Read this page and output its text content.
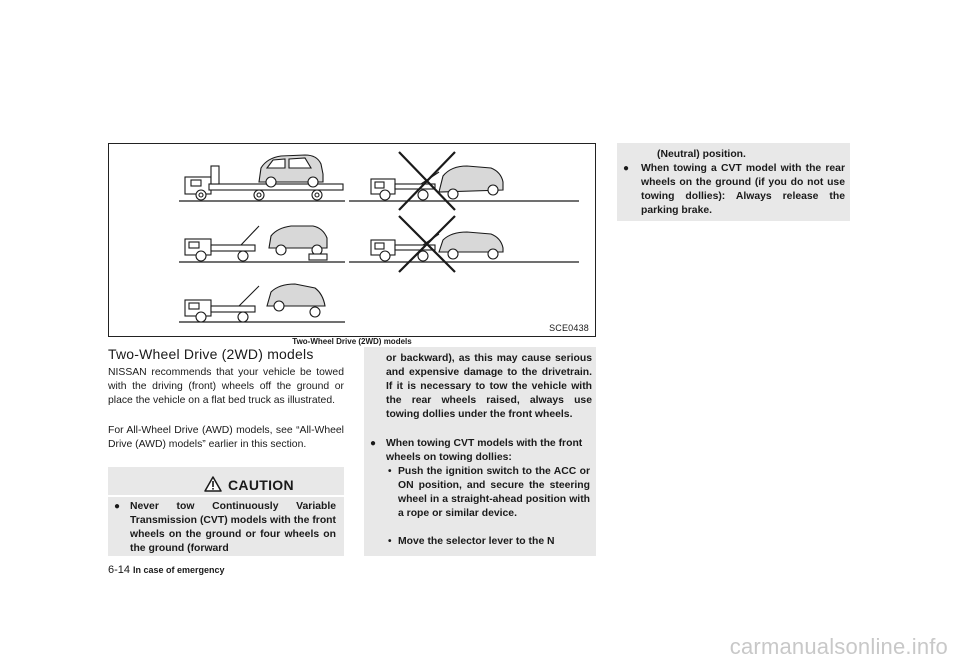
SCE0438
Two-Wheel Drive (2WD) models
Two-Wheel Drive (2WD) models
NISSAN recommends that your vehicle be towed with the driving (front) wheels off the ground or place the vehicle on a flat bed truck as illustrated.
For All-Wheel Drive (AWD) models, see “All-Wheel Drive (AWD) models” earlier in this section.
CAUTION
● Never tow Continuously Variable Transmission (CVT) models with the front wheels on the ground or four wheels on the ground (forward
or backward), as this may cause serious and expensive damage to the drivetrain. If it is necessary to tow the vehicle with the rear wheels raised, always use towing dollies under the front wheels.
● When towing CVT models with the front wheels on towing dollies:
• Push the ignition switch to the ACC or ON position, and secure the steering wheel in a straight-ahead position with a rope or similar device.
• Move the selector lever to the N
(Neutral) position.
● When towing a CVT model with the rear wheels on the ground (if you do not use towing dollies): Always release the parking brake.
6-14 In case of emergency
carmanualsonline.info
